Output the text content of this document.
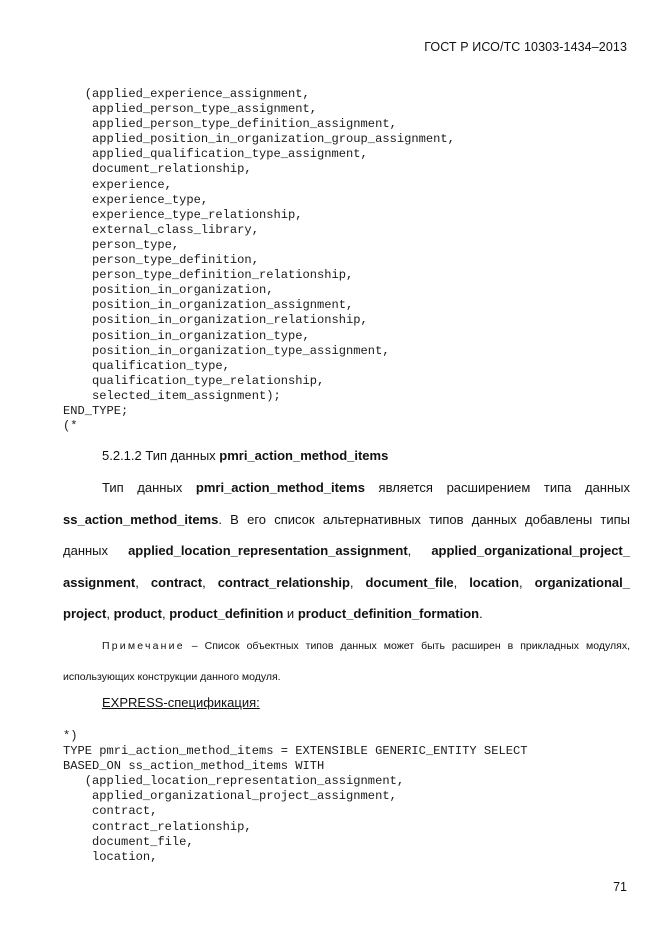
ГОСТ Р ИСО/ТС 10303-1434–2013
(applied_experience_assignment,
applied_person_type_assignment,
applied_person_type_definition_assignment,
applied_position_in_organization_group_assignment,
applied_qualification_type_assignment,
document_relationship,
experience,
experience_type,
experience_type_relationship,
external_class_library,
person_type,
person_type_definition,
person_type_definition_relationship,
position_in_organization,
position_in_organization_assignment,
position_in_organization_relationship,
position_in_organization_type,
position_in_organization_type_assignment,
qualification_type,
qualification_type_relationship,
selected_item_assignment);
END_TYPE;
(*
5.2.1.2 Тип данных pmri_action_method_items
Тип данных pmri_action_method_items является расширением типа данных ss_action_method_items. В его список альтернативных типов данных добавлены типы данных applied_location_representation_assignment, applied_organizational_project_ assignment, contract, contract_relationship, document_file, location, organizational_ project, product, product_definition и product_definition_formation.
Примечание – Список объектных типов данных может быть расширен в прикладных модулях, использующих конструкции данного модуля.
EXPRESS-спецификация:
*)
TYPE pmri_action_method_items = EXTENSIBLE GENERIC_ENTITY SELECT
BASED_ON ss_action_method_items WITH
(applied_location_representation_assignment,
applied_organizational_project_assignment,
contract,
contract_relationship,
document_file,
location,
71
